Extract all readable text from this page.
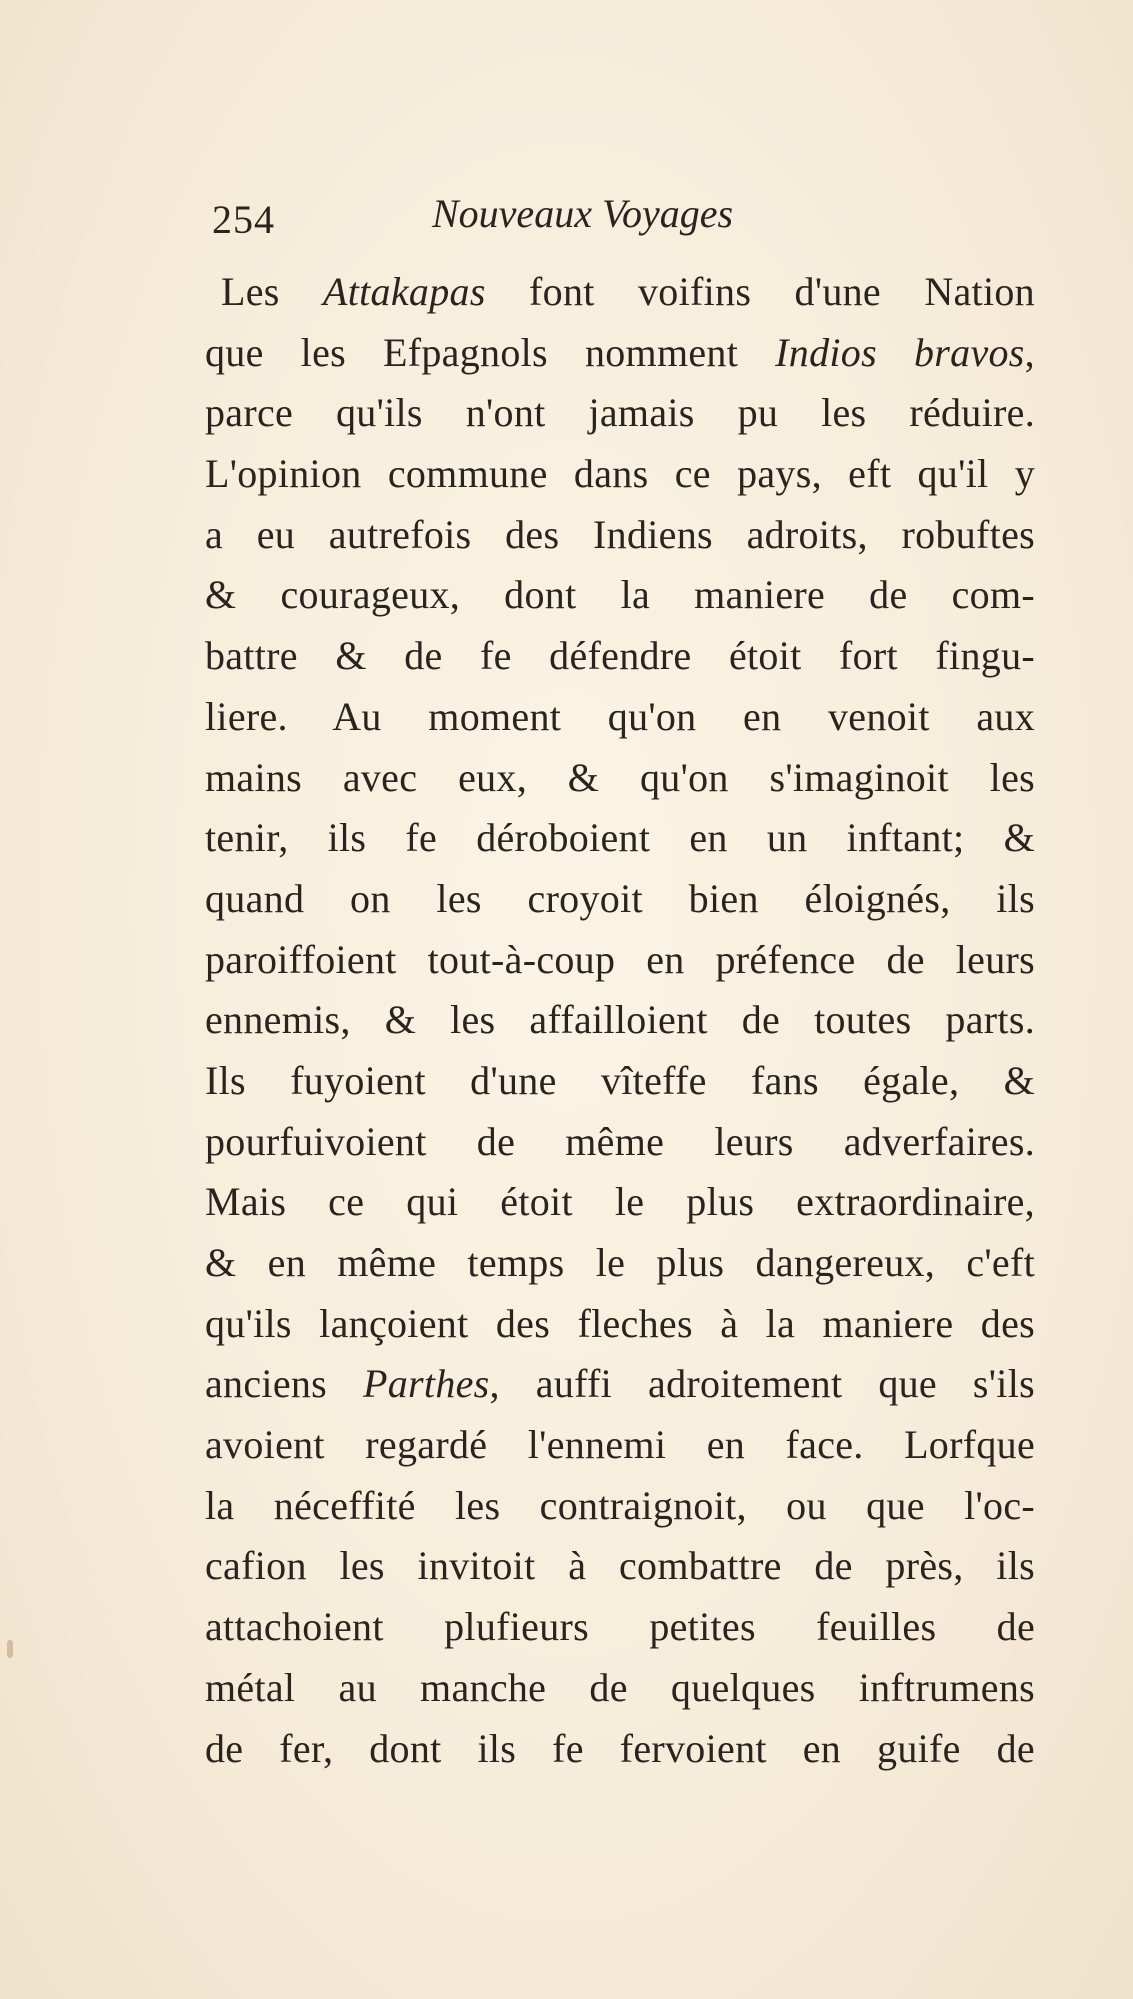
254	Nouveaux Voyages
Les Attakapas font voifins d'une Nation
que les Efpagnols nomment Indios bravos,
parce qu'ils n'ont jamais pu les réduire.
L'opinion commune dans ce pays, eft qu'il y
a eu autrefois des Indiens adroits, robuftes
& courageux, dont la maniere de com-
battre & de fe défendre étoit fort fingu-
liere. Au moment qu'on en venoit aux
mains avec eux, & qu'on s'imaginoit les
tenir, ils fe déroboient en un inftant; &
quand on les croyoit bien éloignés, ils
paroiffoient tout-à-coup en préfence de leurs
ennemis, & les affailloient de toutes parts.
Ils fuyoient d'une vîteffe fans égale, &
pourfuivoient de même leurs adverfaires.
Mais ce qui étoit le plus extraordinaire,
& en même temps le plus dangereux, c'eft
qu'ils lançoient des fleches à la maniere des
anciens Parthes, auffi adroitement que s'ils
avoient regardé l'ennemi en face. Lorfque
la néceffité les contraignoit, ou que l'oc-
cafion les invitoit à combattre de près, ils
attachoient plufieurs petites feuilles de
métal au manche de quelques inftrumens
de fer, dont ils fe fervoient en guife de
